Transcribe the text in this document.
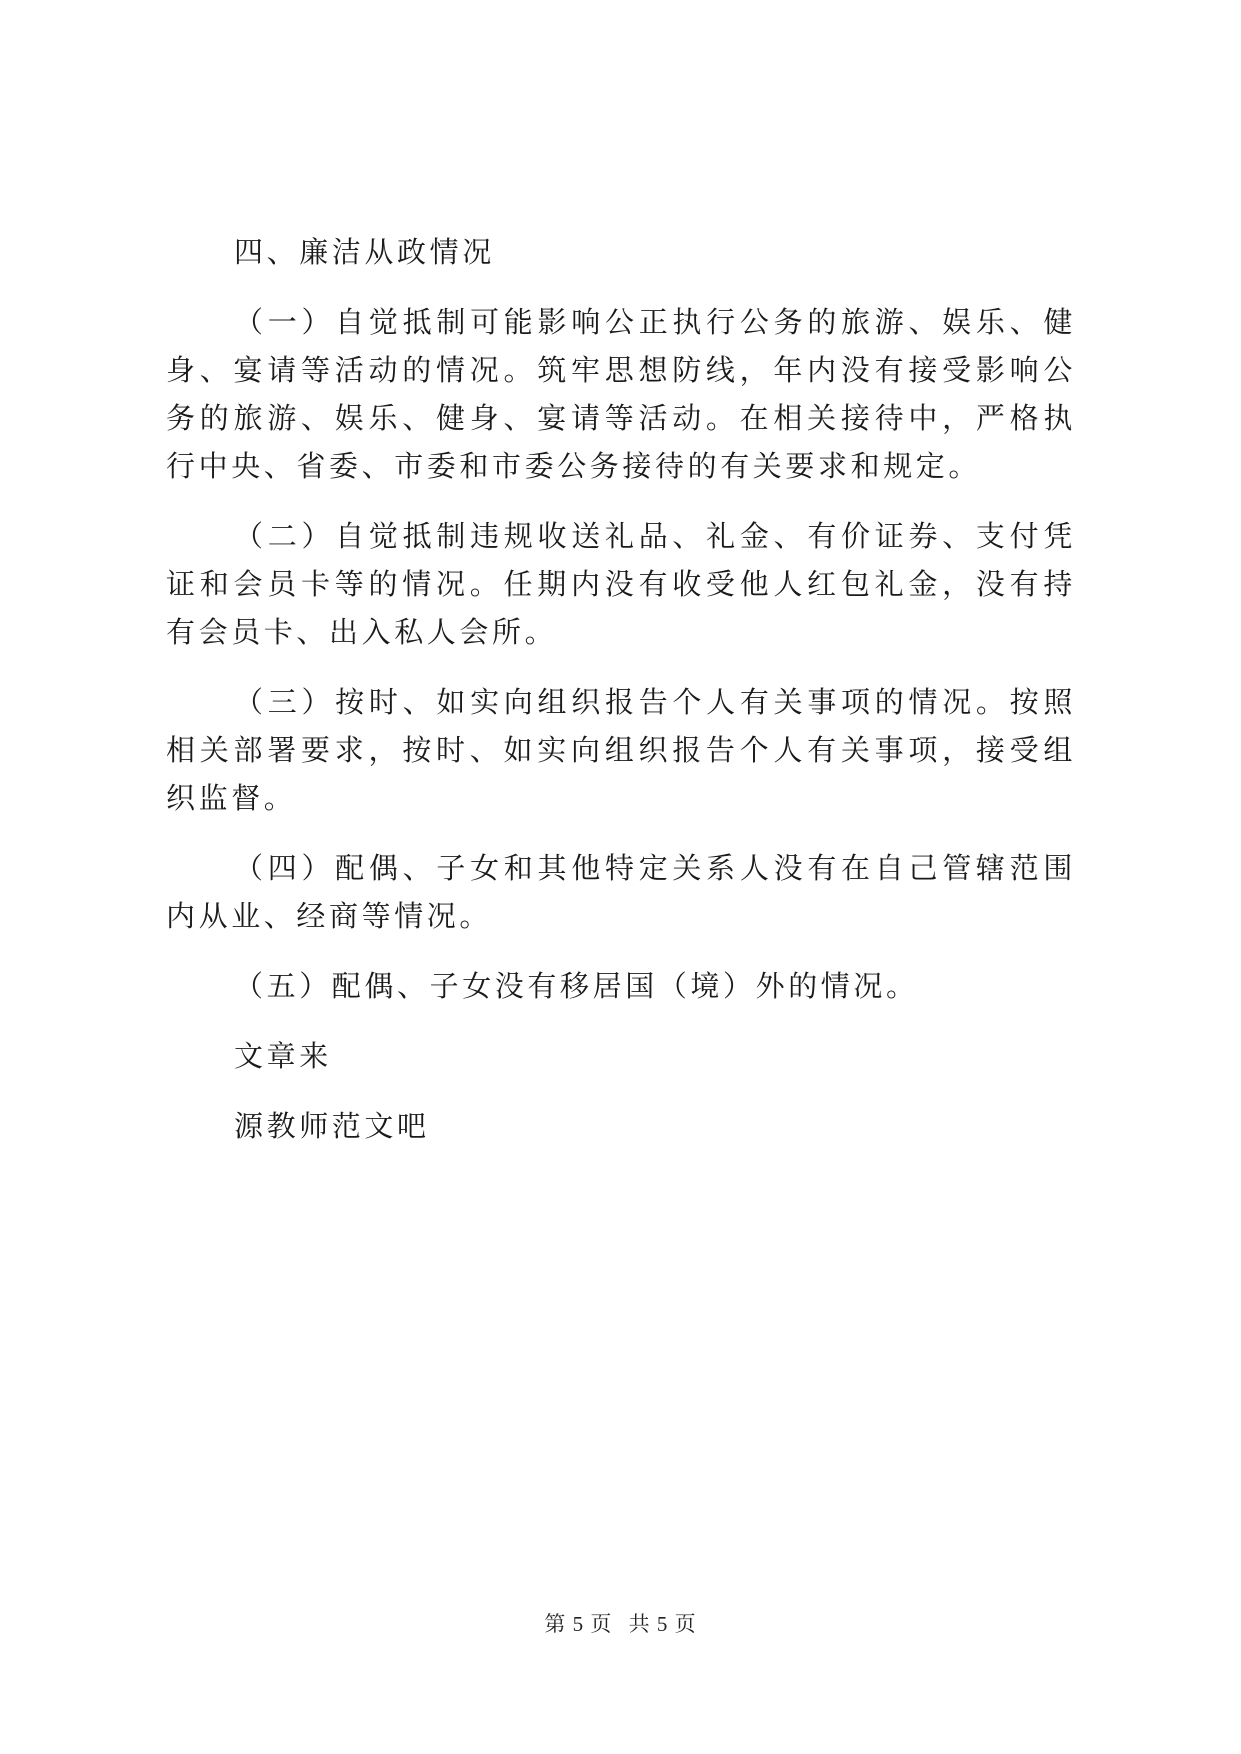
四、廉洁从政情况

（一）自觉抵制可能影响公正执行公务的旅游、娱乐、健身、宴请等活动的情况。筑牢思想防线，年内没有接受影响公务的旅游、娱乐、健身、宴请等活动。在相关接待中，严格执行中央、省委、市委和市委公务接待的有关要求和规定。

（二）自觉抵制违规收送礼品、礼金、有价证券、支付凭证和会员卡等的情况。任期内没有收受他人红包礼金，没有持有会员卡、出入私人会所。

（三）按时、如实向组织报告个人有关事项的情况。按照相关部署要求，按时、如实向组织报告个人有关事项，接受组织监督。

（四）配偶、子女和其他特定关系人没有在自己管辖范围内从业、经商等情况。

（五）配偶、子女没有移居国（境）外的情况。

文章来

源教师范文吧

第 5 页 共 5 页
